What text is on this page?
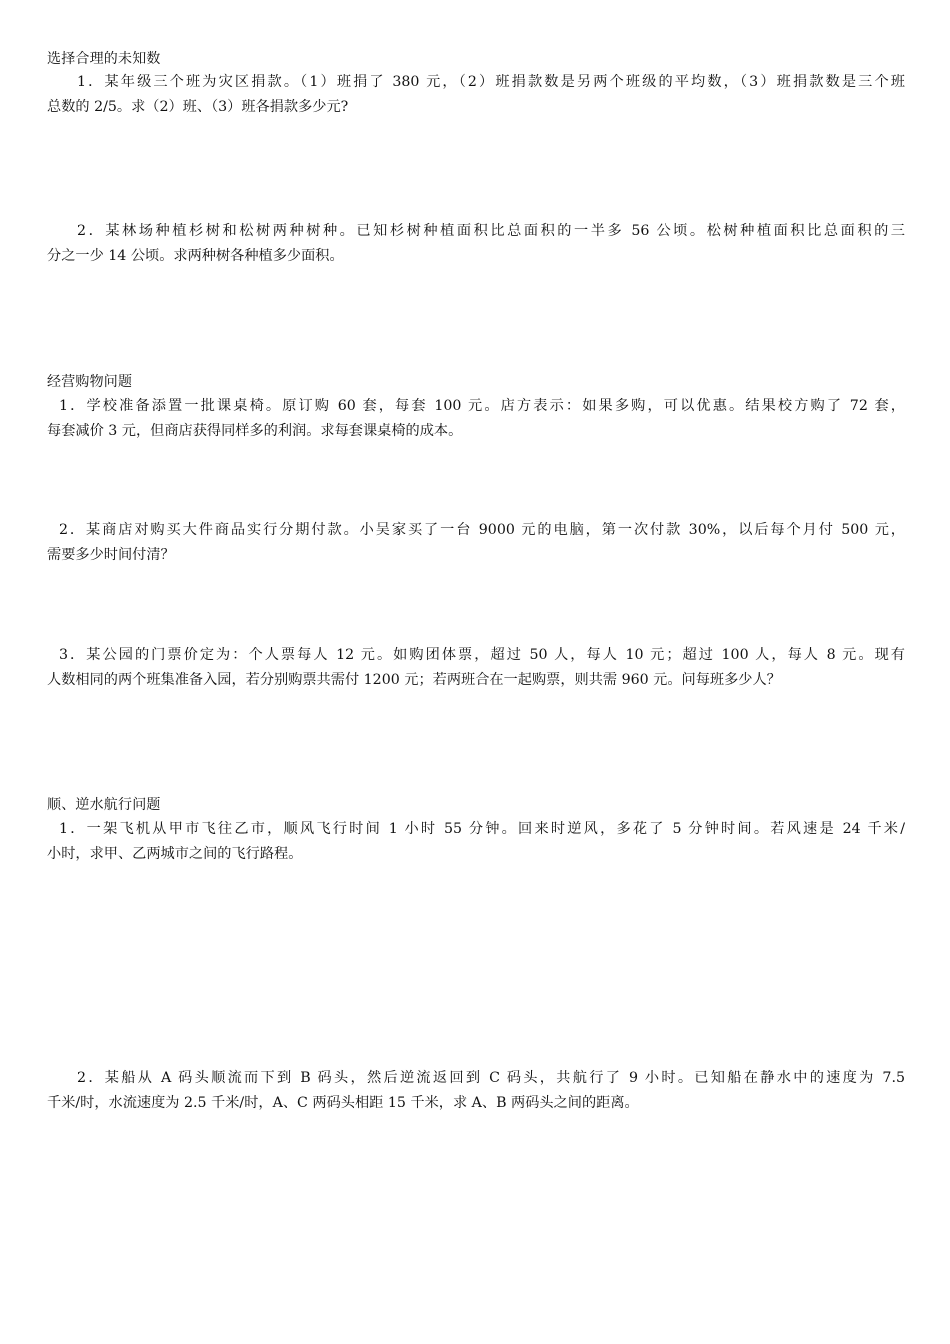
选择合理的未知数
1．某年级三个班为灾区捐款。（1）班捐了 380 元，（2）班捐款数是另两个班级的平均数，（3）班捐款数是三个班
总数的 2/5。求（2）班、（3）班各捐款多少元?
2．某林场种植杉树和松树两种树种。已知杉树种植面积比总面积的一半多 56 公顷。松树种植面积比总面积的三
分之一少 14 公顷。求两种树各种植多少面积。
经营购物问题
1．学校准备添置一批课桌椅。原订购 60 套，每套 100 元。店方表示：如果多购，可以优惠。结果校方购了 72 套，
每套减价 3 元，但商店获得同样多的利润。求每套课桌椅的成本。
2．某商店对购买大件商品实行分期付款。小吴家买了一台 9000 元的电脑，第一次付款 30%，以后每个月付 500 元，
需要多少时间付清？
3．某公园的门票价定为：个人票每人 12 元。如购团体票，超过 50 人，每人 10 元；超过 100 人，每人 8 元。现有
人数相同的两个班集准备入园，若分别购票共需付 1200 元；若两班合在一起购票，则共需 960 元。问每班多少人？
顺、逆水航行问题
1．一架飞机从甲市飞往乙市，顺风飞行时间 1 小时 55 分钟。回来时逆风，多花了 5 分钟时间。若风速是 24 千米/
小时，求甲、乙两城市之间的飞行路程。
2．某船从 A 码头顺流而下到 B 码头，然后逆流返回到 C 码头，共航行了 9 小时。已知船在静水中的速度为 7.5
千米/时，水流速度为 2.5 千米/时，A、C 两码头相距 15 千米，求 A、B 两码头之间的距离。
